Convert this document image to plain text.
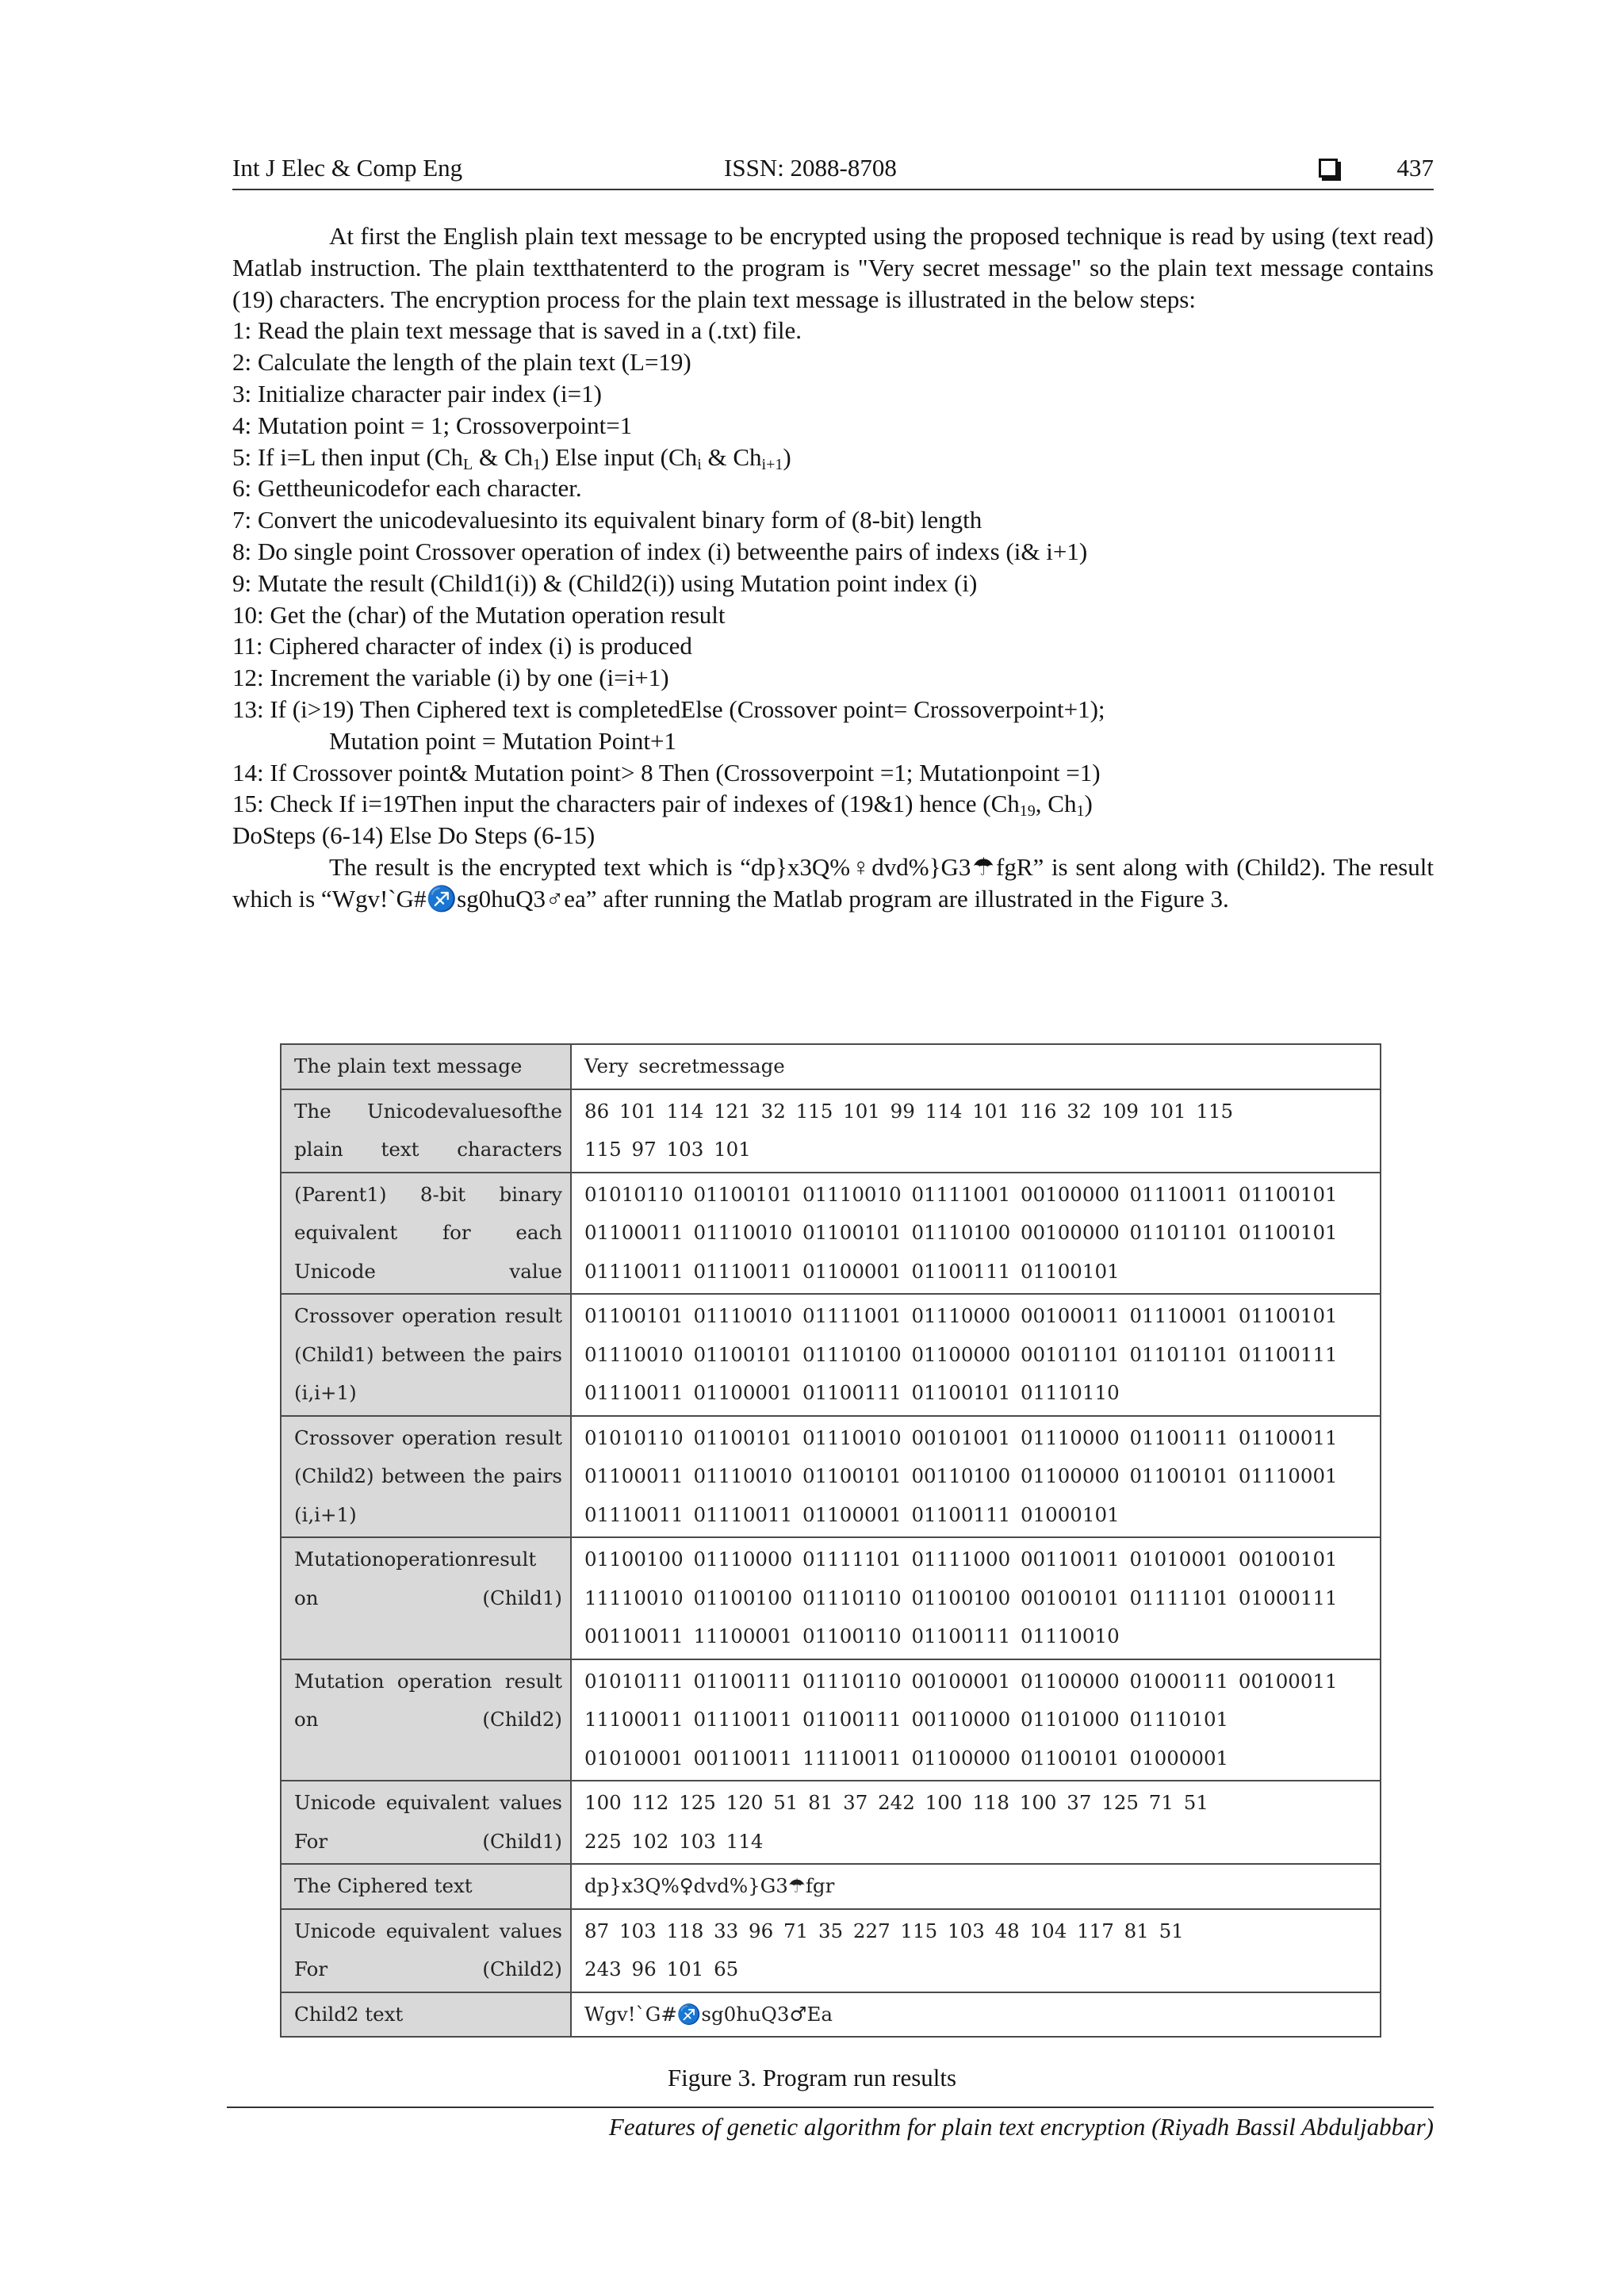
Int J Elec & Comp Eng	ISSN: 2088-8708	437

At first the English plain text message to be encrypted using the proposed technique is read by using (text read) Matlab instruction. The plain textthatenterd to the program is "Very secret message" so the plain text message contains (19) characters. The encryption process for the plain text message is illustrated in the below steps:

1: Read the plain text message that is saved in a (.txt) file.

2: Calculate the length of the plain text (L=19)

3: Initialize character pair index (i=1)

4: Mutation point = 1; Crossoverpoint=1

5: If i=L then input ($Ch_L$ & $Ch_1$) Else input ($Ch_i$ & $Ch_{i+1}$)

6: Gettheunicodefor each character.

7: Convert the unicodevaluesinto its equivalent binary form of (8-bit) length

8: Do single point Crossover operation of index (i) betweenthe pairs of indexs (i& i+1)

9: Mutate the result (Child1(i)) & (Child2(i)) using Mutation point index (i)

10: Get the (char) of the Mutation operation result

11: Ciphered character of index (i) is produced

12: Increment the variable (i) by one (i=i+1)

13: If (i>19) Then Ciphered text is completedElse (Crossover point= Crossoverpoint+1);

Mutation point = Mutation Point+1

14: If Crossover point& Mutation point> 8 Then (Crossoverpoint =1; Mutationpoint =1)

15: Check If i=19Then input the characters pair of indexes of (19&1) hence ($Ch_{19}$, $Ch_1$)

DoSteps (6-14) Else Do Steps (6-15)

The result is the encrypted text which is “dp}x3Q%♀dvd%}G3☂fgR” is sent along with (Child2). The result which is “Wgv!`G#♐sg0huQ3♂ea” after running the Matlab program are illustrated in the Figure 3.

The plain text message	Very secretmessage

The Unicodevaluesofthe plain text characters	86 101 114 121 32 115 101 99 114 101 116 32 109 101 115
115 97 103 101

(Parent1) 8-bit binary equivalent for each Unicode value	01010110 01100101 01110010 01111001 00100000 01110011 01100101
01100011 01110010 01100101 01110100 00100000 01101101 01100101
01110011 01110011 01100001 01100111 01100101

Crossover operation result (Child1) between the pairs (i,i+1)	01100101 01110010 01111001 01110000 00100011 01110001 01100101
01110010 01100101 01110100 01100000 00101101 01101101 01100111
01110011 01100001 01100111 01100101 01110110

Crossover operation result (Child2) between the pairs (i,i+1)	01010110 01100101 01110010 00101001 01110000 01100111 01100011
01100011 01110010 01100101 00110100 01100000 01100101 01110001
01110011 01110011 01100001 01100111 01000101

Mutationoperationresult on (Child1)	01100100 01110000 01111101 01111000 00110011 01010001 00100101
11110010 01100100 01110110 01100100 00100101 01111101 01000111
00110011 11100001 01100110 01100111 01110010

Mutation operation result on (Child2)	01010111 01100111 01110110 00100001 01100000 01000111 00100011
11100011 01110011 01100111 00110000 01101000 01110101
01010001 00110011 11110011 01100000 01100101 01000001

Unicode equivalent values For (Child1)	100 112 125 120 51 81 37 242 100 118 100 37 125 71 51
225 102 103 114

The Ciphered text	dp}x3Q%♀dvd%}G3☂fgr

Unicode equivalent values For (Child2)	87 103 118 33 96 71 35 227 115 103 48 104 117 81 51
243 96 101 65

Child2 text	Wgv!`G#♐sg0huQ3♂Ea
Figure 3. Program run results
Features of genetic algorithm for plain text encryption (Riyadh Bassil Abduljabbar)
